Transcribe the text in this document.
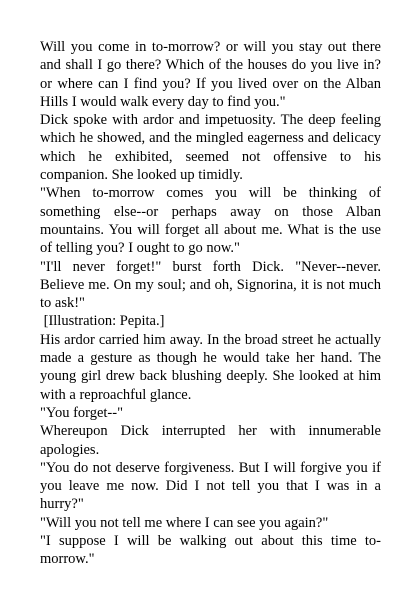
Will you come in to-morrow? or will you stay out there and shall I go there? Which of the houses do you live in? or where can I find you? If you lived over on the Alban Hills I would walk every day to find you."

Dick spoke with ardor and impetuosity. The deep feeling which he showed, and the mingled eagerness and delicacy which he exhibited, seemed not offensive to his companion. She looked up timidly.

"When to-morrow comes you will be thinking of something else--or perhaps away on those Alban mountains. You will forget all about me. What is the use of telling you? I ought to go now."

"I'll never forget!" burst forth Dick. "Never--never. Believe me. On my soul; and oh, Signorina, it is not much to ask!"

[Illustration: Pepita.]

His ardor carried him away. In the broad street he actually made a gesture as though he would take her hand. The young girl drew back blushing deeply. She looked at him with a reproachful glance.

"You forget--"

Whereupon Dick interrupted her with innumerable apologies.

"You do not deserve forgiveness. But I will forgive you if you leave me now. Did I not tell you that I was in a hurry?"

"Will you not tell me where I can see you again?"

"I suppose I will be walking out about this time to-morrow."
